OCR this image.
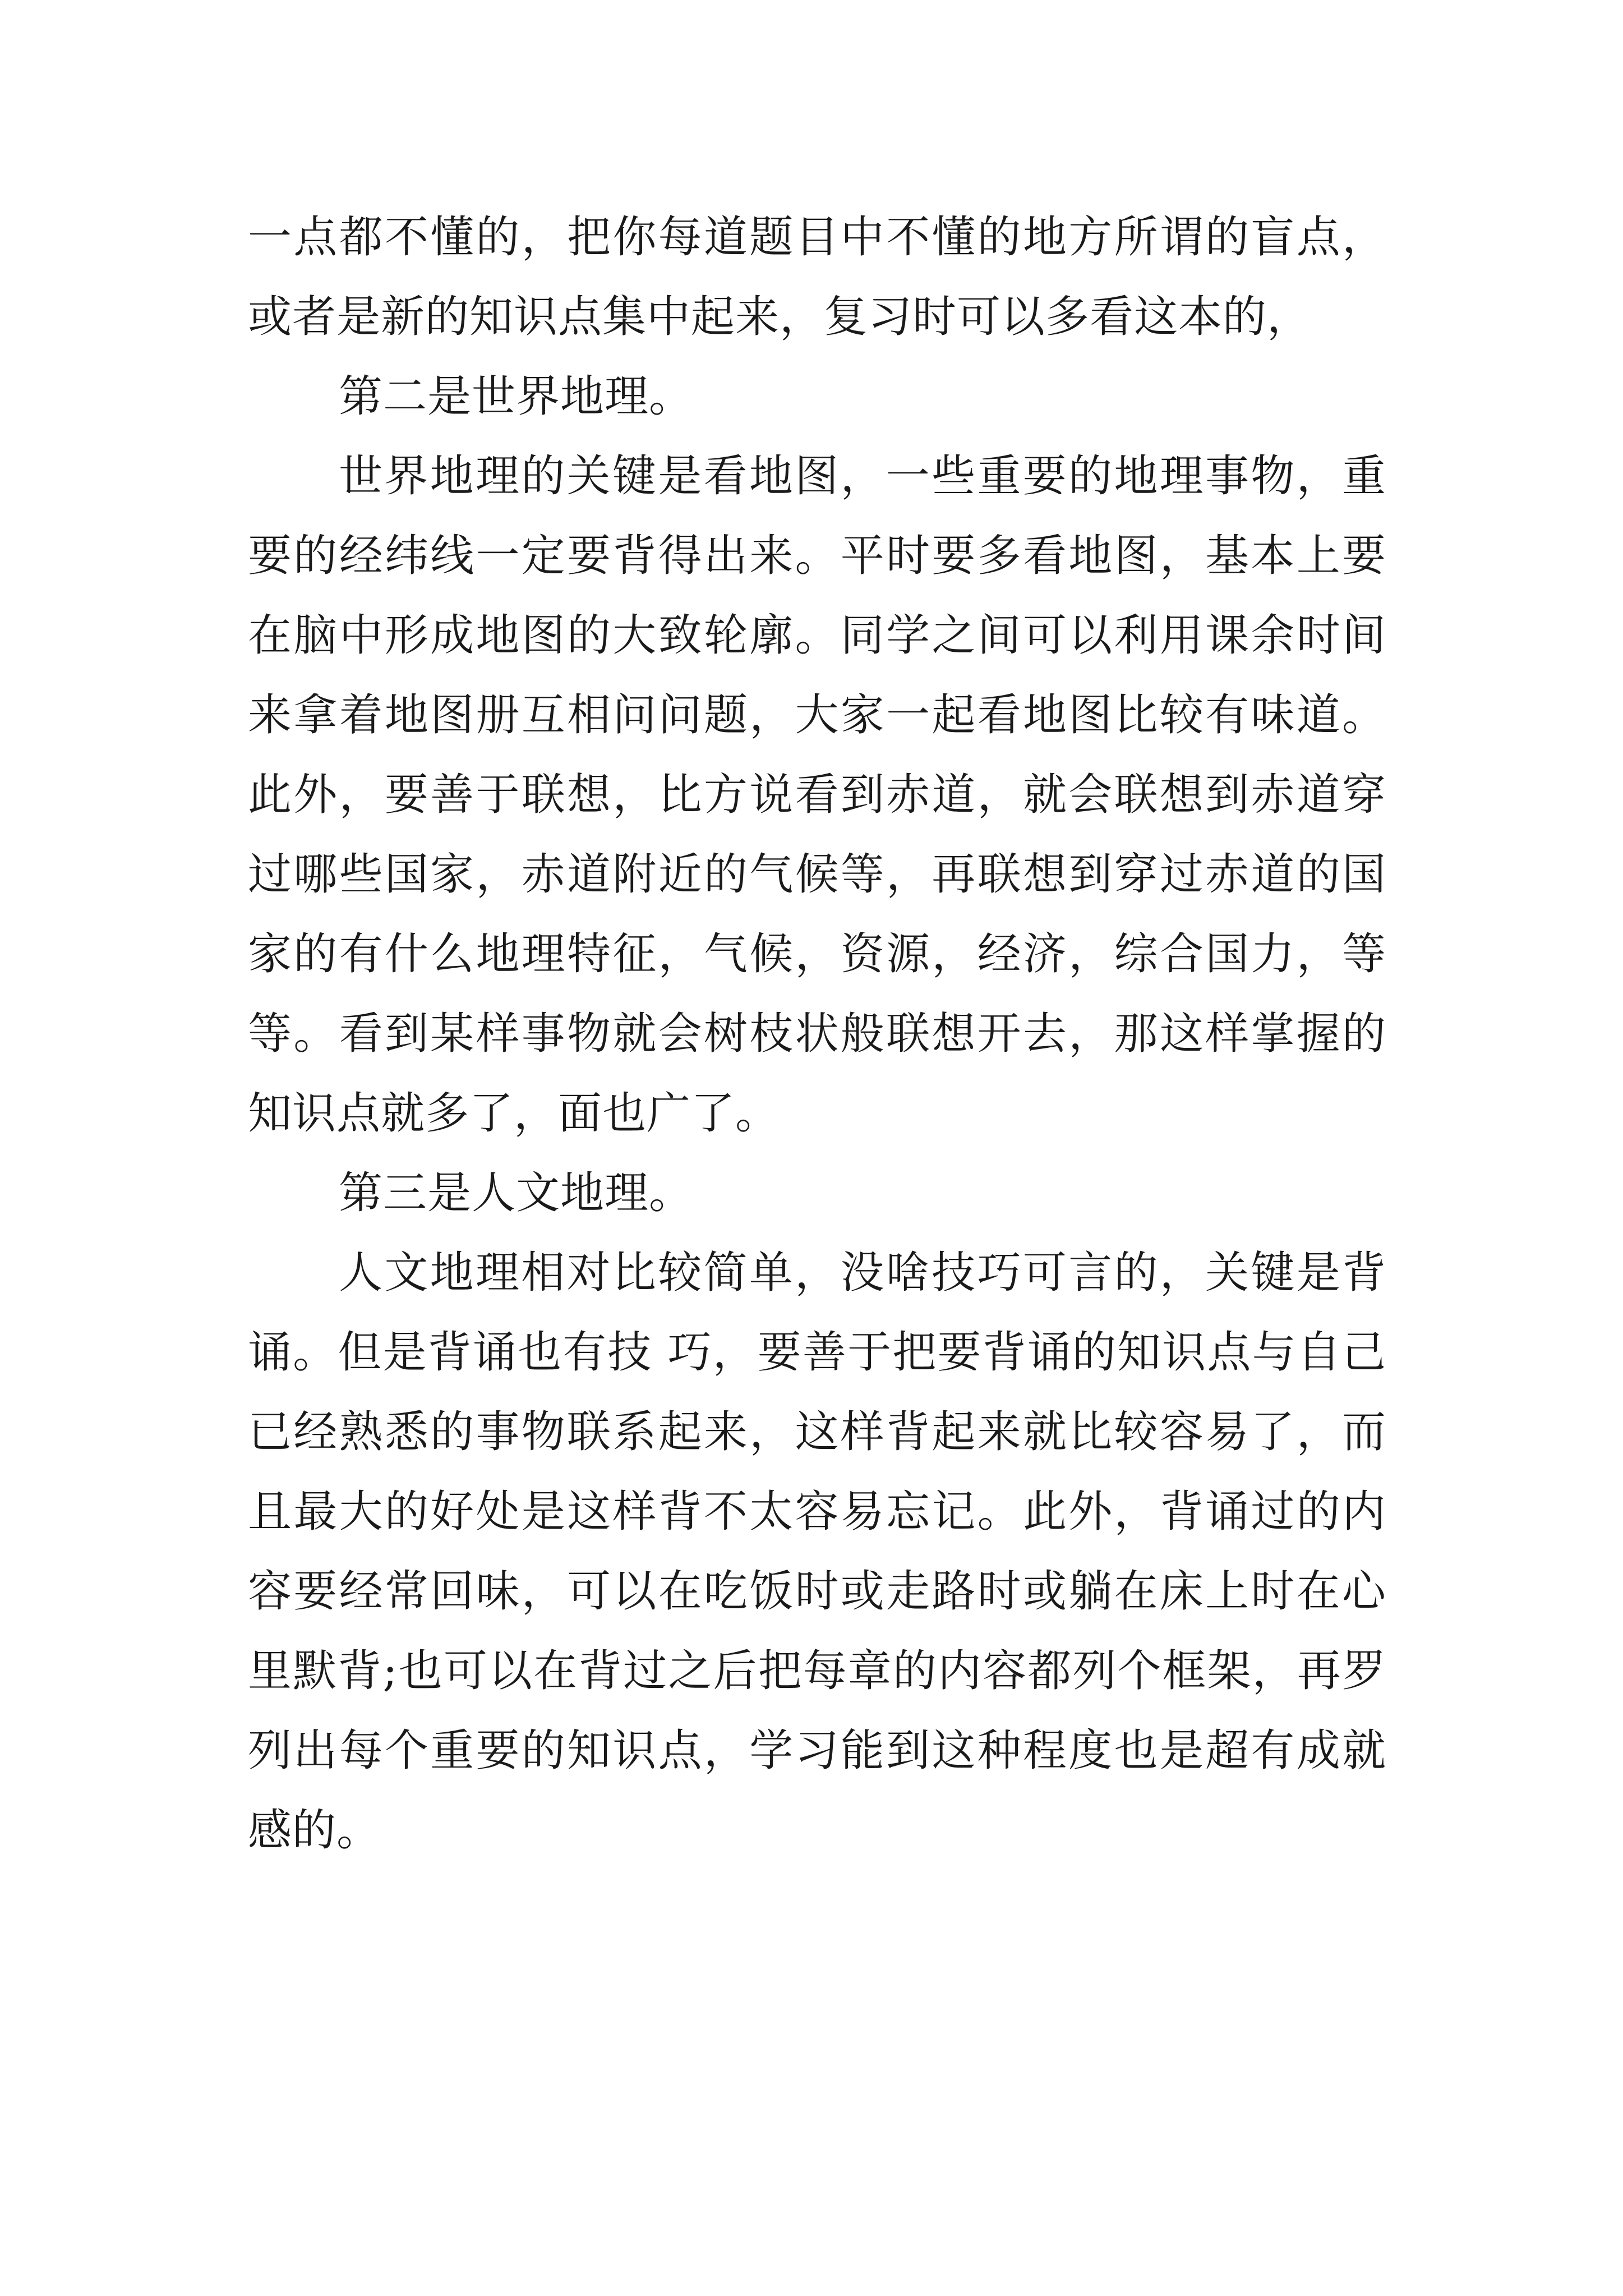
一点都不懂的，把你每道题目中不懂的地方所谓的盲点，或者是新的知识点集中起来，复习时可以多看这本的，

第二是世界地理。

世界地理的关键是看地图，一些重要的地理事物，重要的经纬线一定要背得出来。平时要多看地图，基本上要在脑中形成地图的大致轮廓。同学之间可以利用课余时间来拿着地图册互相问问题，大家一起看地图比较有味道。此外，要善于联想，比方说看到赤道，就会联想到赤道穿过哪些国家，赤道附近的气候等，再联想到穿过赤道的国家的有什么地理特征，气候，资源，经济，综合国力，等等。看到某样事物就会树枝状般联想开去，那这样掌握的知识点就多了，面也广了。

第三是人文地理。

人文地理相对比较简单，没啥技巧可言的，关键是背诵。但是背诵也有技 巧，要善于把要背诵的知识点与自己已经熟悉的事物联系起来，这样背起来就比较容易了，而且最大的好处是这样背不太容易忘记。此外，背诵过的内容要经常回味，可以在吃饭时或走路时或躺在床上时在心里默背;也可以在背过之后把每章的内容都列个框架，再罗列出每个重要的知识点，学习能到这种程度也是超有成就感的。
